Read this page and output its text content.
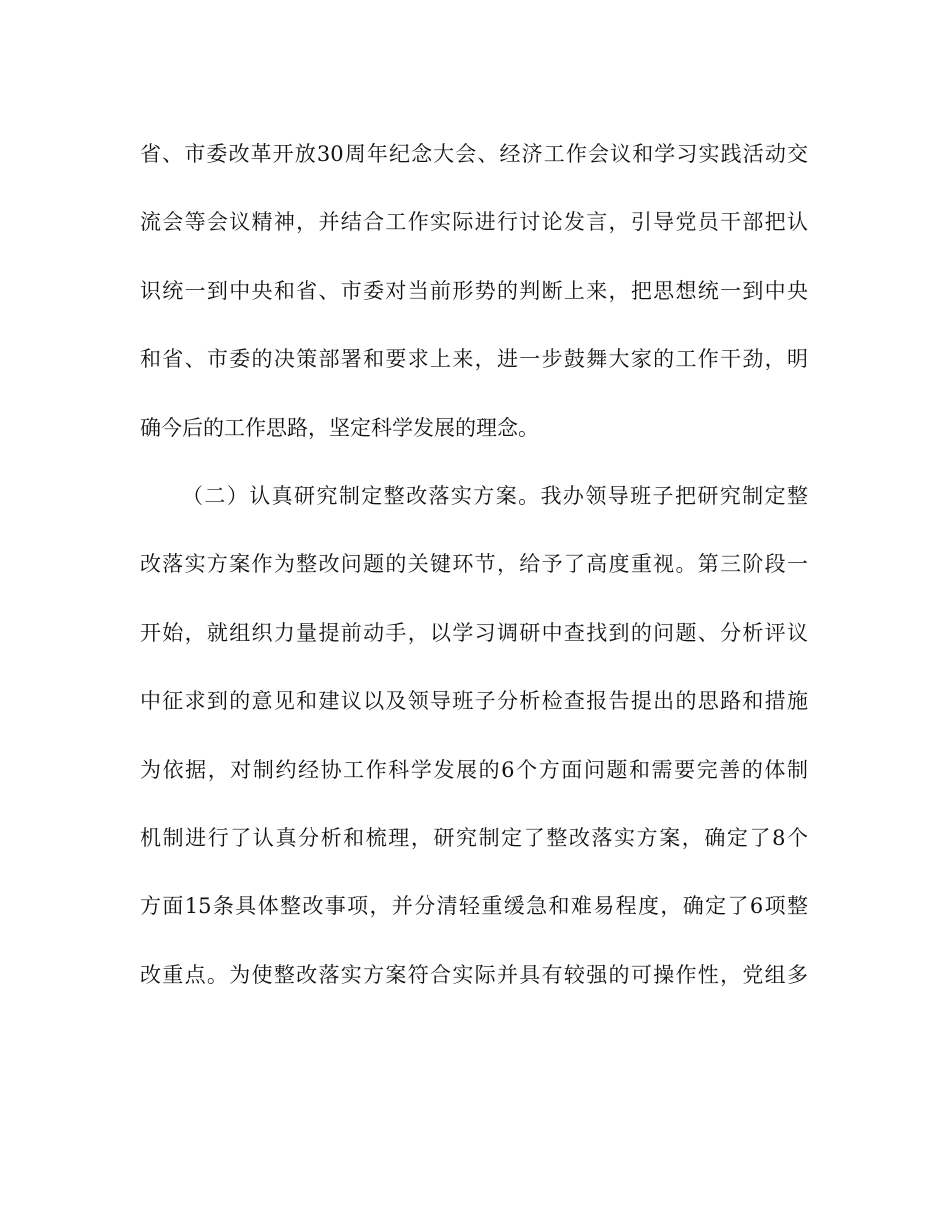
省、市委改革开放30周年纪念大会、经济工作会议和学习实践活动交
流会等会议精神，并结合工作实际进行讨论发言，引导党员干部把认
识统一到中央和省、市委对当前形势的判断上来，把思想统一到中央
和省、市委的决策部署和要求上来，进一步鼓舞大家的工作干劲，明
确今后的工作思路，坚定科学发展的理念。
（二）认真研究制定整改落实方案。我办领导班子把研究制定整
改落实方案作为整改问题的关键环节，给予了高度重视。第三阶段一
开始，就组织力量提前动手，以学习调研中查找到的问题、分析评议
中征求到的意见和建议以及领导班子分析检查报告提出的思路和措施
为依据，对制约经协工作科学发展的6个方面问题和需要完善的体制
机制进行了认真分析和梳理，研究制定了整改落实方案，确定了8个
方面15条具体整改事项，并分清轻重缓急和难易程度，确定了6项整
改重点。为使整改落实方案符合实际并具有较强的可操作性，党组多
